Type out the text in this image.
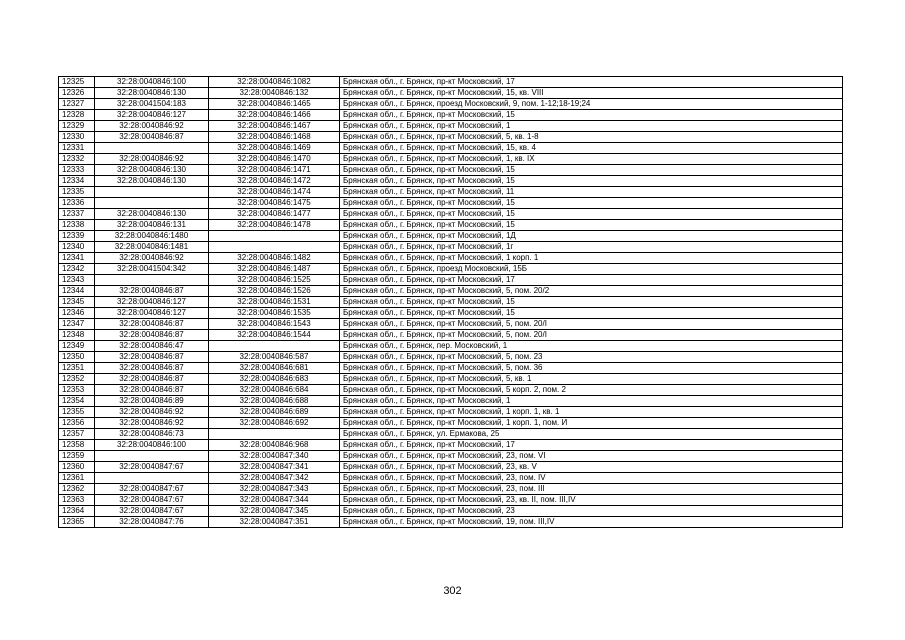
12325	32:28:0040846:100	32:28:0040846:1082	Брянская обл., г. Брянск, пр-кт Московский, 17
12326	32:28:0040846:130	32:28:0040846:132	Брянская обл., г. Брянск, пр-кт Московский, 15, кв. VIII
12327	32:28:0041504:183	32:28:0040846:1465	Брянская обл., г. Брянск, проезд Московский, 9, пом. 1-12;18-19;24
12328	32:28:0040846:127	32:28:0040846:1466	Брянская обл., г. Брянск, пр-кт Московский, 15
12329	32:28:0040846:92	32:28:0040846:1467	Брянская обл., г. Брянск, пр-кт Московский, 1
12330	32:28:0040846:87	32:28:0040846:1468	Брянская обл., г. Брянск, пр-кт Московский, 5, кв. 1-8
12331		32:28:0040846:1469	Брянская обл., г. Брянск, пр-кт Московский, 15, кв. 4
12332	32:28:0040846:92	32:28:0040846:1470	Брянская обл., г. Брянск, пр-кт Московский, 1, кв. IX
12333	32:28:0040846:130	32:28:0040846:1471	Брянская обл., г. Брянск, пр-кт Московский, 15
12334	32:28:0040846:130	32:28:0040846:1472	Брянская обл., г. Брянск, пр-кт Московский, 15
12335		32:28:0040846:1474	Брянская обл., г. Брянск, пр-кт Московский, 11
12336		32:28:0040846:1475	Брянская обл., г. Брянск, пр-кт Московский, 15
12337	32:28:0040846:130	32:28:0040846:1477	Брянская обл., г. Брянск, пр-кт Московский, 15
12338	32:28:0040846:131	32:28:0040846:1478	Брянская обл., г. Брянск, пр-кт Московский, 15
12339	32:28:0040846:1480		Брянская обл., г. Брянск, пр-кт Московский, 1Д
12340	32:28:0040846:1481		Брянская обл., г. Брянск, пр-кт Московский, 1г
12341	32:28:0040846:92	32:28:0040846:1482	Брянская обл., г. Брянск, пр-кт Московский, 1 корп. 1
12342	32:28:0041504:342	32:28:0040846:1487	Брянская обл., г. Брянск, проезд Московский, 15Б
12343		32:28:0040846:1525	Брянская обл., г. Брянск, пр-кт Московский, 17
12344	32:28:0040846:87	32:28:0040846:1526	Брянская обл., г. Брянск, пр-кт Московский, 5, пом. 20/2
12345	32:28:0040846:127	32:28:0040846:1531	Брянская обл., г. Брянск, пр-кт Московский, 15
12346	32:28:0040846:127	32:28:0040846:1535	Брянская обл., г. Брянск, пр-кт Московский, 15
12347	32:28:0040846:87	32:28:0040846:1543	Брянская обл., г. Брянск, пр-кт Московский, 5, пом. 20/I
12348	32:28:0040846:87	32:28:0040846:1544	Брянская обл., г. Брянск, пр-кт Московский, 5, пом. 20/I
12349	32:28:0040846:47		Брянская обл., г. Брянск, пер. Московский, 1
12350	32:28:0040846:87	32:28:0040846:587	Брянская обл., г. Брянск, пр-кт Московский, 5, пом. 23
12351	32:28:0040846:87	32:28:0040846:681	Брянская обл., г. Брянск, пр-кт Московский, 5, пом. 36
12352	32:28:0040846:87	32:28:0040846:683	Брянская обл., г. Брянск, пр-кт Московский, 5, кв. 1
12353	32:28:0040846:87	32:28:0040846:684	Брянская обл., г. Брянск, пр-кт Московский, 5 корп. 2, пом. 2
12354	32:28:0040846:89	32:28:0040846:688	Брянская обл., г. Брянск, пр-кт Московский, 1
12355	32:28:0040846:92	32:28:0040846:689	Брянская обл., г. Брянск, пр-кт Московский, 1 корп. 1, кв. 1
12356	32:28:0040846:92	32:28:0040846:692	Брянская обл., г. Брянск, пр-кт Московский, 1 корп. 1, пом. И
12357	32:28:0040846:73		Брянская обл., г. Брянск, ул. Ермакова, 25
12358	32:28:0040846:100	32:28:0040846:968	Брянская обл., г. Брянск, пр-кт Московский, 17
12359		32:28:0040847:340	Брянская обл., г. Брянск, пр-кт Московский, 23, пом. VI
12360	32:28:0040847:67	32:28:0040847:341	Брянская обл., г. Брянск, пр-кт Московский, 23, кв. V
12361		32:28:0040847:342	Брянская обл., г. Брянск, пр-кт Московский, 23, пом. IV
12362	32:28:0040847:67	32:28:0040847:343	Брянская обл., г. Брянск, пр-кт Московский, 23, пом. III
12363	32:28:0040847:67	32:28:0040847:344	Брянская обл., г. Брянск, пр-кт Московский, 23, кв. II, пом. III,IV
12364	32:28:0040847:67	32:28:0040847:345	Брянская обл., г. Брянск, пр-кт Московский, 23
12365	32:28:0040847:76	32:28:0040847:351	Брянская обл., г. Брянск, пр-кт Московский, 19, пом. III,IV
302
